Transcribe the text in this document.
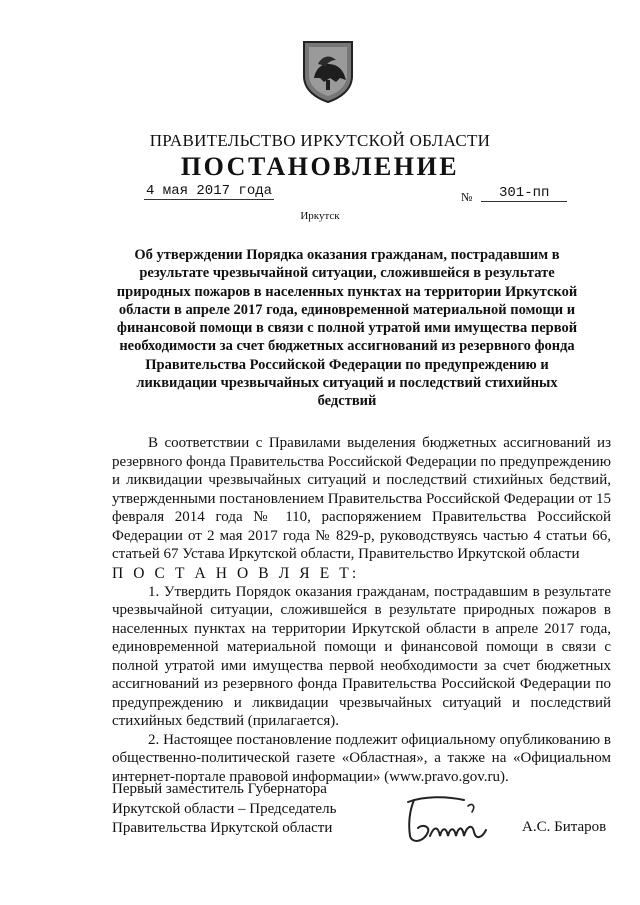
ПРАВИТЕЛЬСТВО ИРКУТСКОЙ ОБЛАСТИ
ПОСТАНОВЛЕНИЕ
4 мая 2017 года	№	301-пп
Иркутск
Об утверждении Порядка оказания гражданам, пострадавшим в результате чрезвычайной ситуации, сложившейся в результате природных пожаров в населенных пунктах на территории Иркутской области в апреле 2017 года, единовременной материальной помощи и финансовой помощи в связи с полной утратой ими имущества первой необходимости за счет бюджетных ассигнований из резервного фонда Правительства Российской Федерации по предупреждению и ликвидации чрезвычайных ситуаций и последствий стихийных бедствий

В соответствии с Правилами выделения бюджетных ассигнований из резервного фонда Правительства Российской Федерации по предупреждению и ликвидации чрезвычайных ситуаций и последствий стихийных бедствий, утвержденными постановлением Правительства Российской Федерации от 15 февраля 2014 года № 110, распоряжением Правительства Российской Федерации от 2 мая 2017 года № 829-р, руководствуясь частью 4 статьи 66, статьей 67 Устава Иркутской области, Правительство Иркутской области

П О С Т А Н О В Л Я Е Т:

1. Утвердить Порядок оказания гражданам, пострадавшим в результате чрезвычайной ситуации, сложившейся в результате природных пожаров в населенных пунктах на территории Иркутской области в апреле 2017 года, единовременной материальной помощи и финансовой помощи в связи с полной утратой ими имущества первой необходимости за счет бюджетных ассигнований из резервного фонда Правительства Российской Федерации по предупреждению и ликвидации чрезвычайных ситуаций и последствий стихийных бедствий (прилагается).

2. Настоящее постановление подлежит официальному опубликованию в общественно-политической газете «Областная», а также на «Официальном интернет-портале правовой информации» (www.pravo.gov.ru).

Первый заместитель Губернатора
Иркутской области – Председатель
Правительства Иркутской области	А.С. Битаров
